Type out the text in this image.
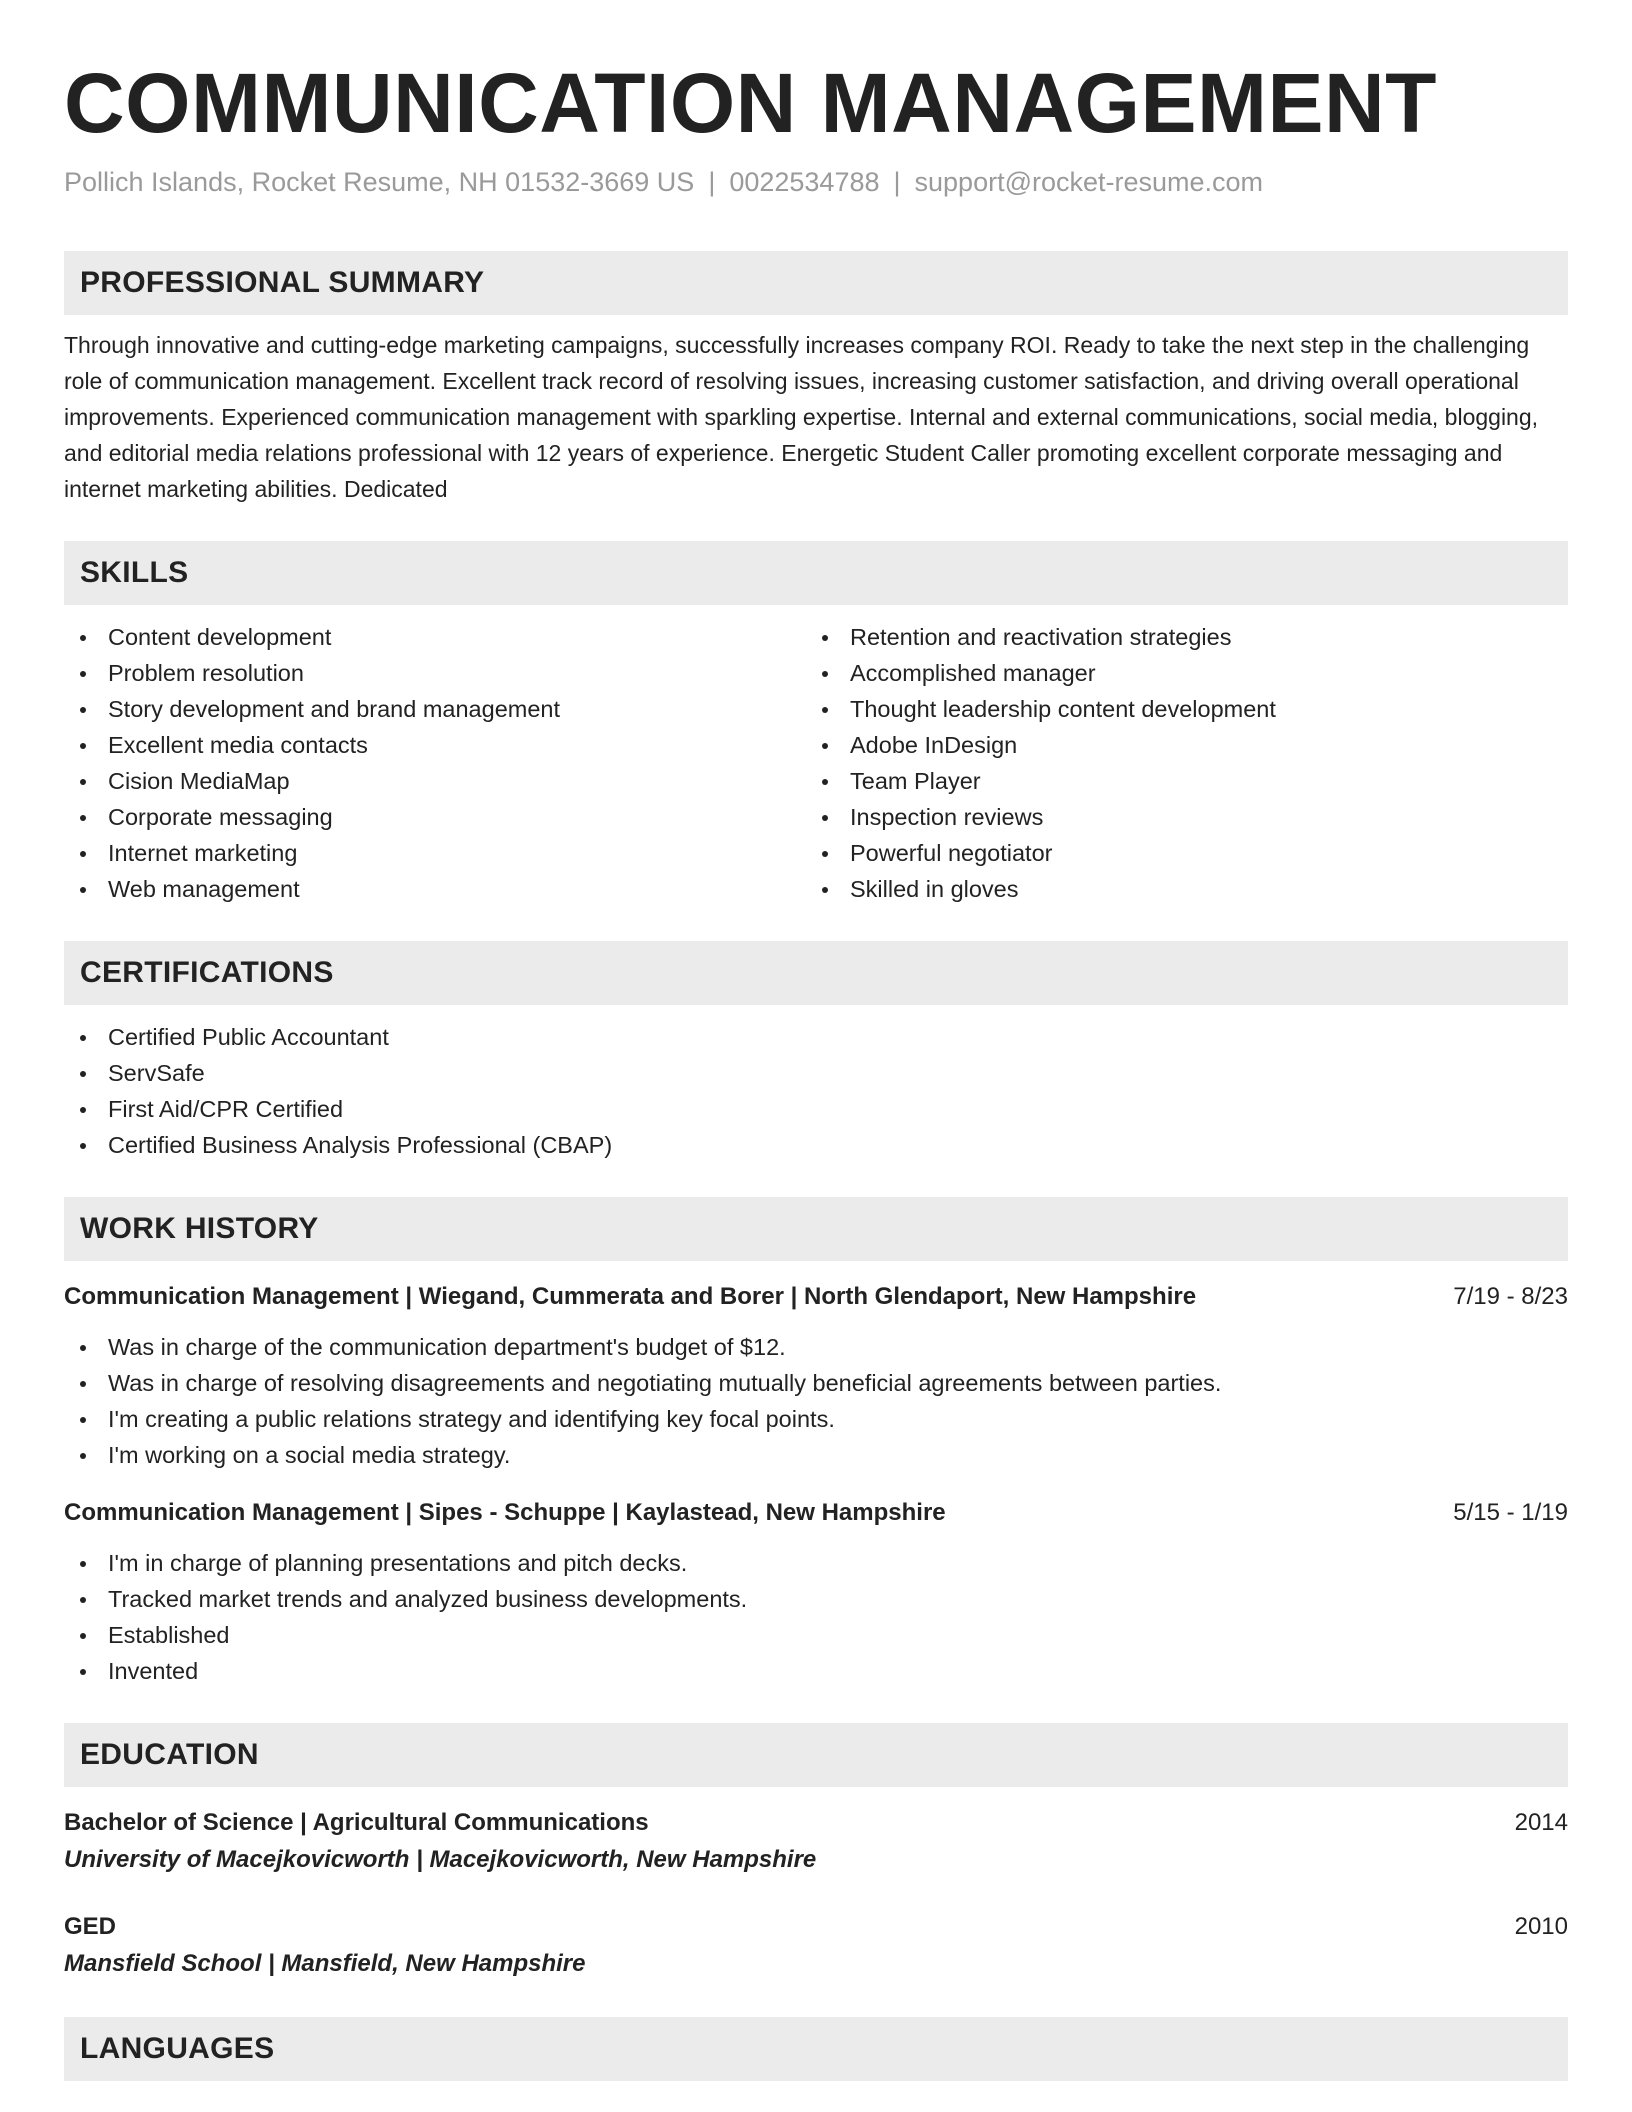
COMMUNICATION MANAGEMENT
Pollich Islands, Rocket Resume, NH 01532-3669 US | 0022534788 | support@rocket-resume.com
PROFESSIONAL SUMMARY
Through innovative and cutting-edge marketing campaigns, successfully increases company ROI. Ready to take the next step in the challenging role of communication management. Excellent track record of resolving issues, increasing customer satisfaction, and driving overall operational improvements. Experienced communication management with sparkling expertise. Internal and external communications, social media, blogging, and editorial media relations professional with 12 years of experience. Energetic Student Caller promoting excellent corporate messaging and internet marketing abilities. Dedicated
SKILLS
Content development
Problem resolution
Story development and brand management
Excellent media contacts
Cision MediaMap
Corporate messaging
Internet marketing
Web management
Retention and reactivation strategies
Accomplished manager
Thought leadership content development
Adobe InDesign
Team Player
Inspection reviews
Powerful negotiator
Skilled in gloves
CERTIFICATIONS
Certified Public Accountant
ServSafe
First Aid/CPR Certified
Certified Business Analysis Professional (CBAP)
WORK HISTORY
Communication Management | Wiegand, Cummerata and Borer | North Glendaport, New Hampshire	7/19 - 8/23
Was in charge of the communication department's budget of $12.
Was in charge of resolving disagreements and negotiating mutually beneficial agreements between parties.
I'm creating a public relations strategy and identifying key focal points.
I'm working on a social media strategy.
Communication Management | Sipes - Schuppe | Kaylastead, New Hampshire	5/15 - 1/19
I'm in charge of planning presentations and pitch decks.
Tracked market trends and analyzed business developments.
Established
Invented
EDUCATION
Bachelor of Science | Agricultural Communications	2014
University of Macejkovicworth | Macejkovicworth, New Hampshire
GED	2010
Mansfield School | Mansfield, New Hampshire
LANGUAGES
